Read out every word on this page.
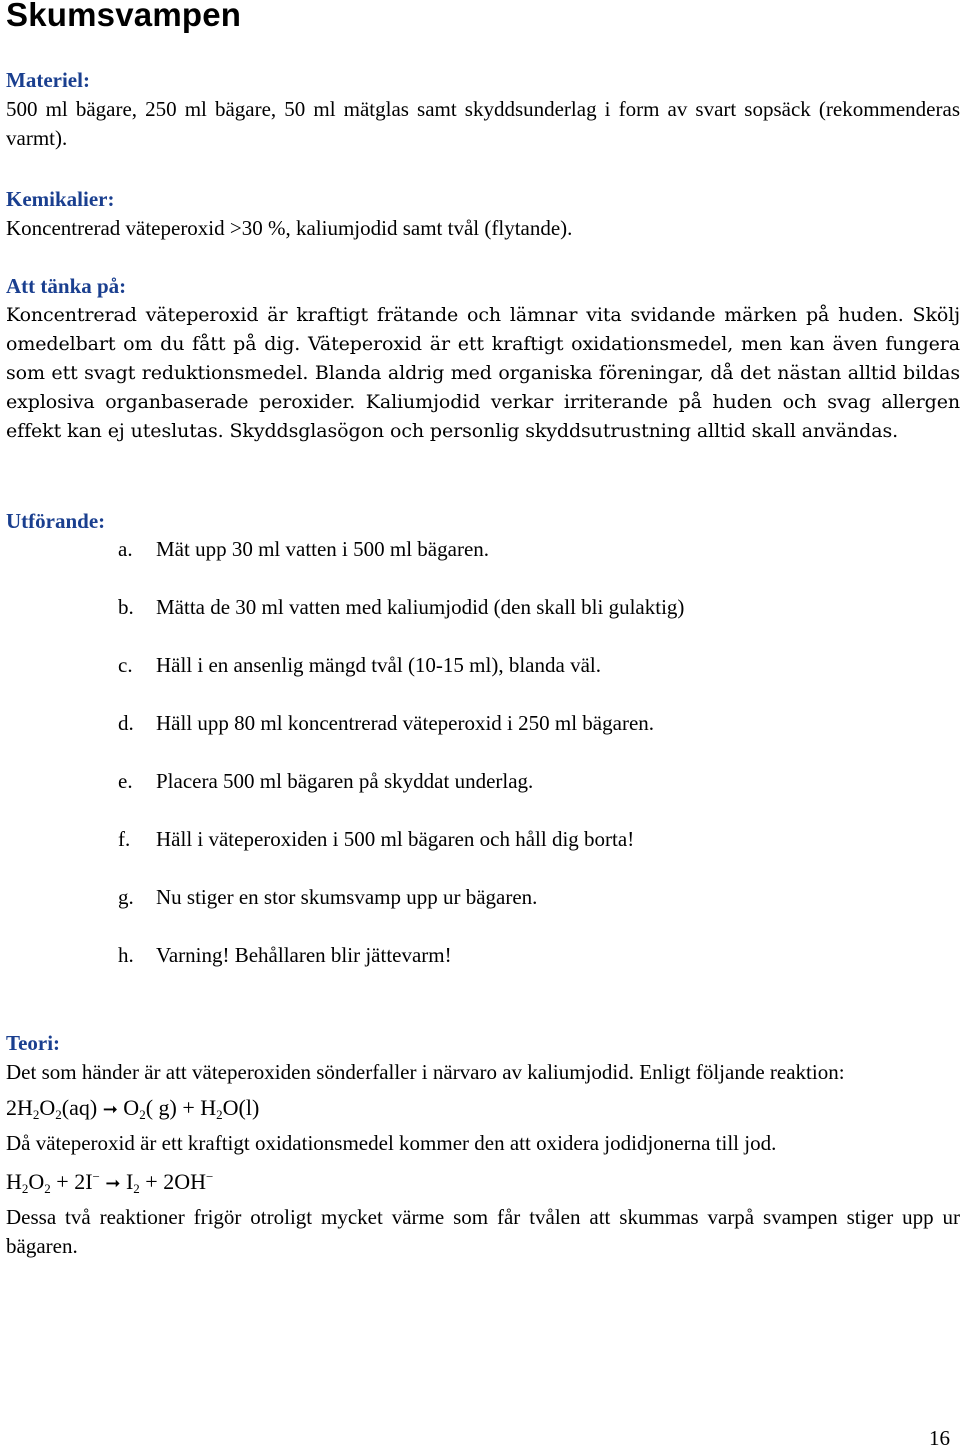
Skumsvampen
Materiel:
500 ml bägare, 250 ml bägare, 50 ml mätglas samt skyddsunderlag i form av svart sopsäck (rekommenderas varmt).
Kemikalier:
Koncentrerad väteperoxid >30 %, kaliumjodid samt tvål (flytande).
Att tänka på:
Koncentrerad väteperoxid är kraftigt frätande och lämnar vita svidande märken på huden. Skölj omedelbart om du fått på dig. Väteperoxid är ett kraftigt oxidationsmedel, men kan även fungera som ett svagt reduktionsmedel. Blanda aldrig med organiska föreningar, då det nästan alltid bildas explosiva organbaserade peroxider. Kaliumjodid verkar irriterande på huden och svag allergen effekt kan ej uteslutas. Skyddsglasögon och personlig skyddsutrustning alltid skall användas.
Utförande:
a. Mät upp 30 ml vatten i 500 ml bägaren.
b. Mätta de 30 ml vatten med kaliumjodid (den skall bli gulaktig)
c. Häll i en ansenlig mängd tvål (10-15 ml), blanda väl.
d. Häll upp 80 ml koncentrerad väteperoxid i 250 ml bägaren.
e. Placera 500 ml bägaren på skyddat underlag.
f. Häll i väteperoxiden i 500 ml bägaren och håll dig borta!
g. Nu stiger en stor skumsvamp upp ur bägaren.
h. Varning! Behållaren blir jättevarm!
Teori:
Det som händer är att väteperoxiden sönderfaller i närvaro av kaliumjodid. Enligt följande reaktion:
$2H_2O_2(aq)$ ➞ $O_2$( $g) + H_2O(l)$
Då väteperoxid är ett kraftigt oxidationsmedel kommer den att oxidera jodidjonerna till jod.
$H_2O_2 + 2I^-$ ➞ $I_2 + 2OH^-$
Dessa två reaktioner frigör otroligt mycket värme som får tvålen att skummas varpå svampen stiger upp ur bägaren.
16
